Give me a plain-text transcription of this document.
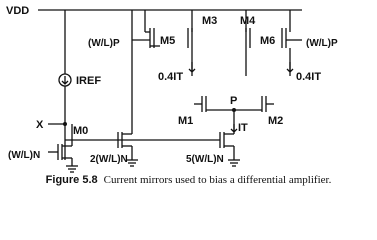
VDD
IREF
X	M0
(W/L)N	2(W/L)N
IT
5(W/L)N
(W/L)P	M5
M3
0.4IT
M4
M6
0.4IT
(W/L)P
M1	M2
P
Figure 5.8 Current mirrors used to bias a differential amplifier.
